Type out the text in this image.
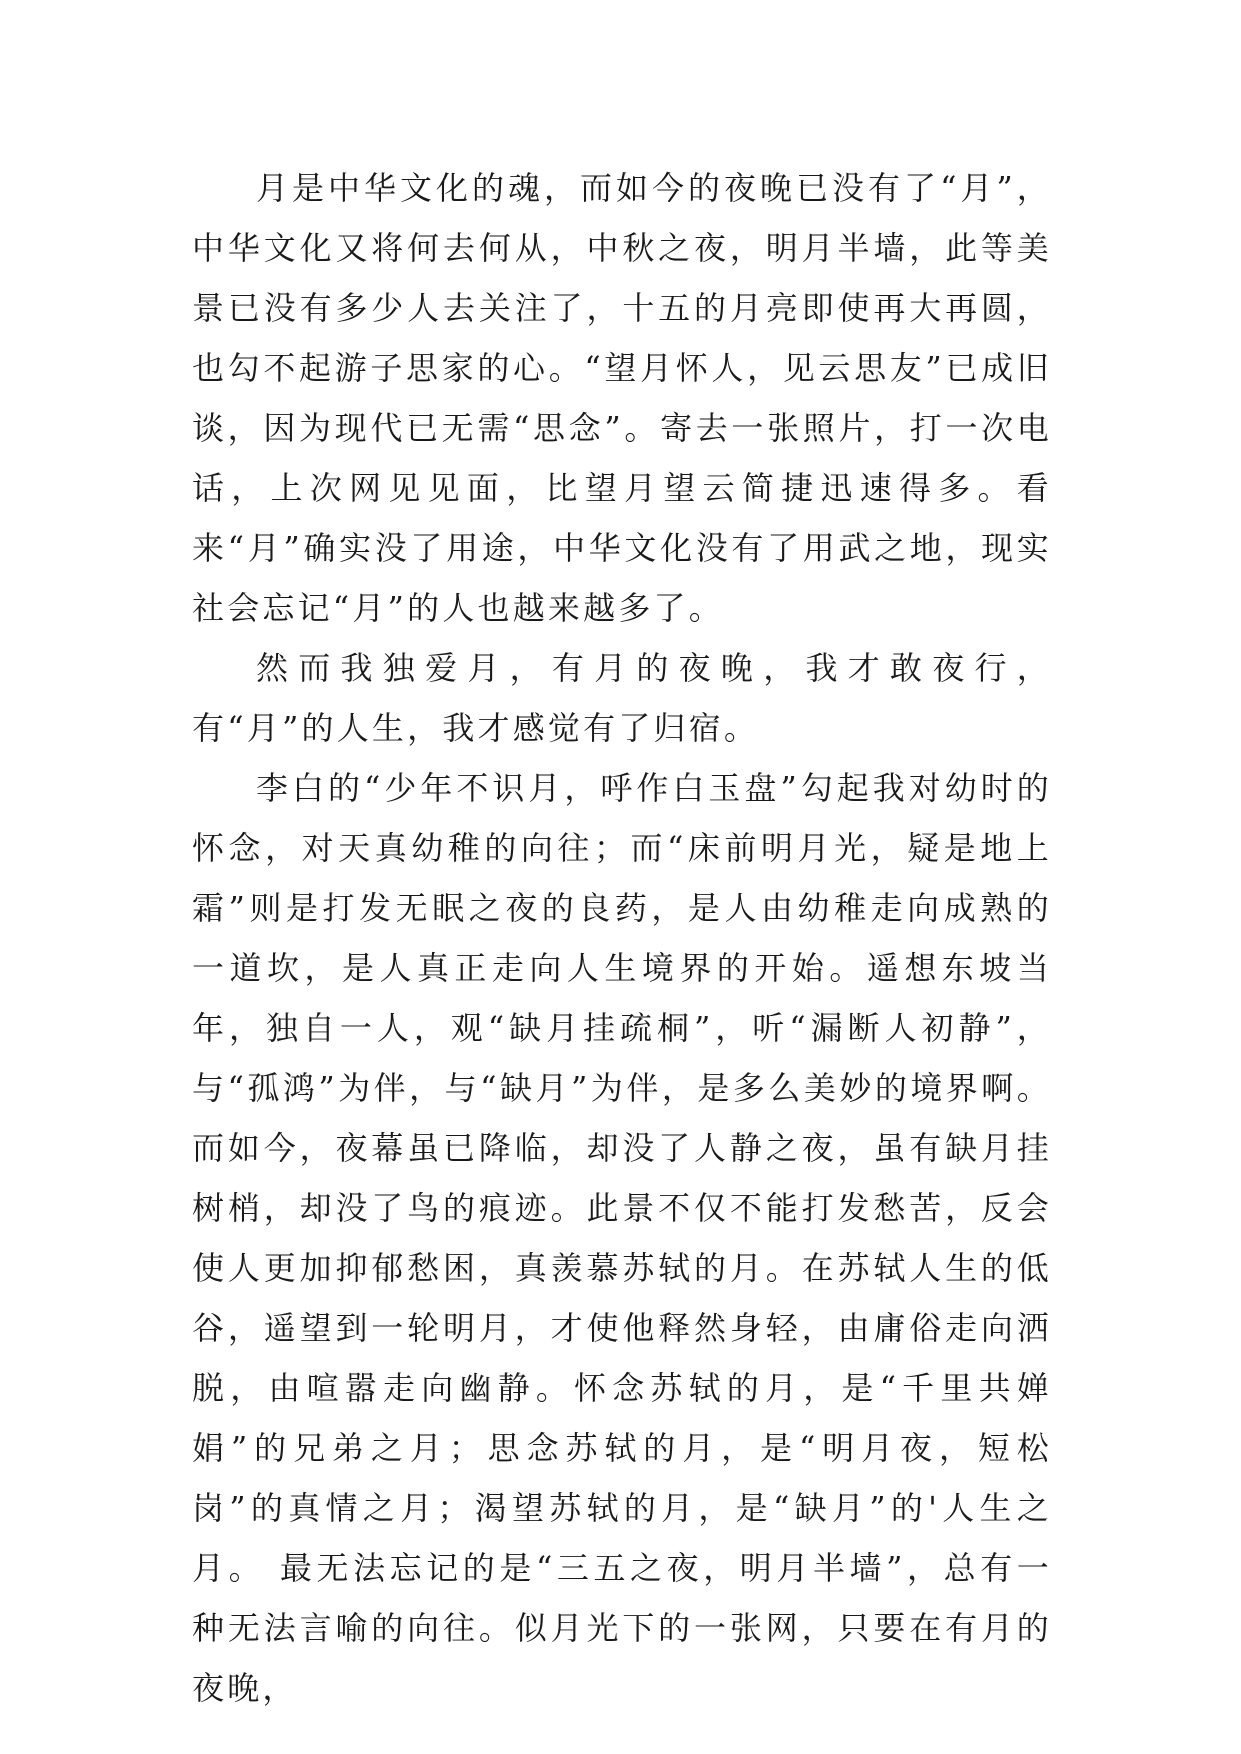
月是中华文化的魂，而如今的夜晚已没有了“月”，中华文化又将何去何从，中秋之夜，明月半墙，此等美景已没有多少人去关注了，十五的月亮即使再大再圆，也勾不起游子思家的心。“望月怀人，见云思友”已成旧谈，因为现代已无需“思念”。寄去一张照片，打一次电话，上次网见见面，比望月望云简捷迅速得多。看来“月”确实没了用途，中华文化没有了用武之地，现实社会忘记“月”的人也越来越多了。

然而我独爱月，有月的夜晚，我才敢夜行，有“月”的人生，我才感觉有了归宿。

李白的“少年不识月，呼作白玉盘”勾起我对幼时的怀念，对天真幼稚的向往；而“床前明月光，疑是地上霜”则是打发无眠之夜的良药，是人由幼稚走向成熟的一道坎，是人真正走向人生境界的开始。遥想东坡当年，独自一人，观“缺月挂疏桐”，听“漏断人初静”，与“孤鸿”为伴，与“缺月”为伴，是多么美妙的境界啊。而如今，夜幕虽已降临，却没了人静之夜，虽有缺月挂树梢，却没了鸟的痕迹。此景不仅不能打发愁苦，反会使人更加抑郁愁困，真羡慕苏轼的月。在苏轼人生的低谷，遥望到一轮明月，才使他释然身轻，由庸俗走向洒脱，由喧嚣走向幽静。怀念苏轼的月，是“千里共婵娟”的兄弟之月；思念苏轼的月，是“明月夜，短松岗”的真情之月；渴望苏轼的月，是“缺月”的'人生之月。 最无法忘记的是“三五之夜，明月半墙”，总有一种无法言喻的向往。似月光下的一张网，只要在有月的夜晚，
